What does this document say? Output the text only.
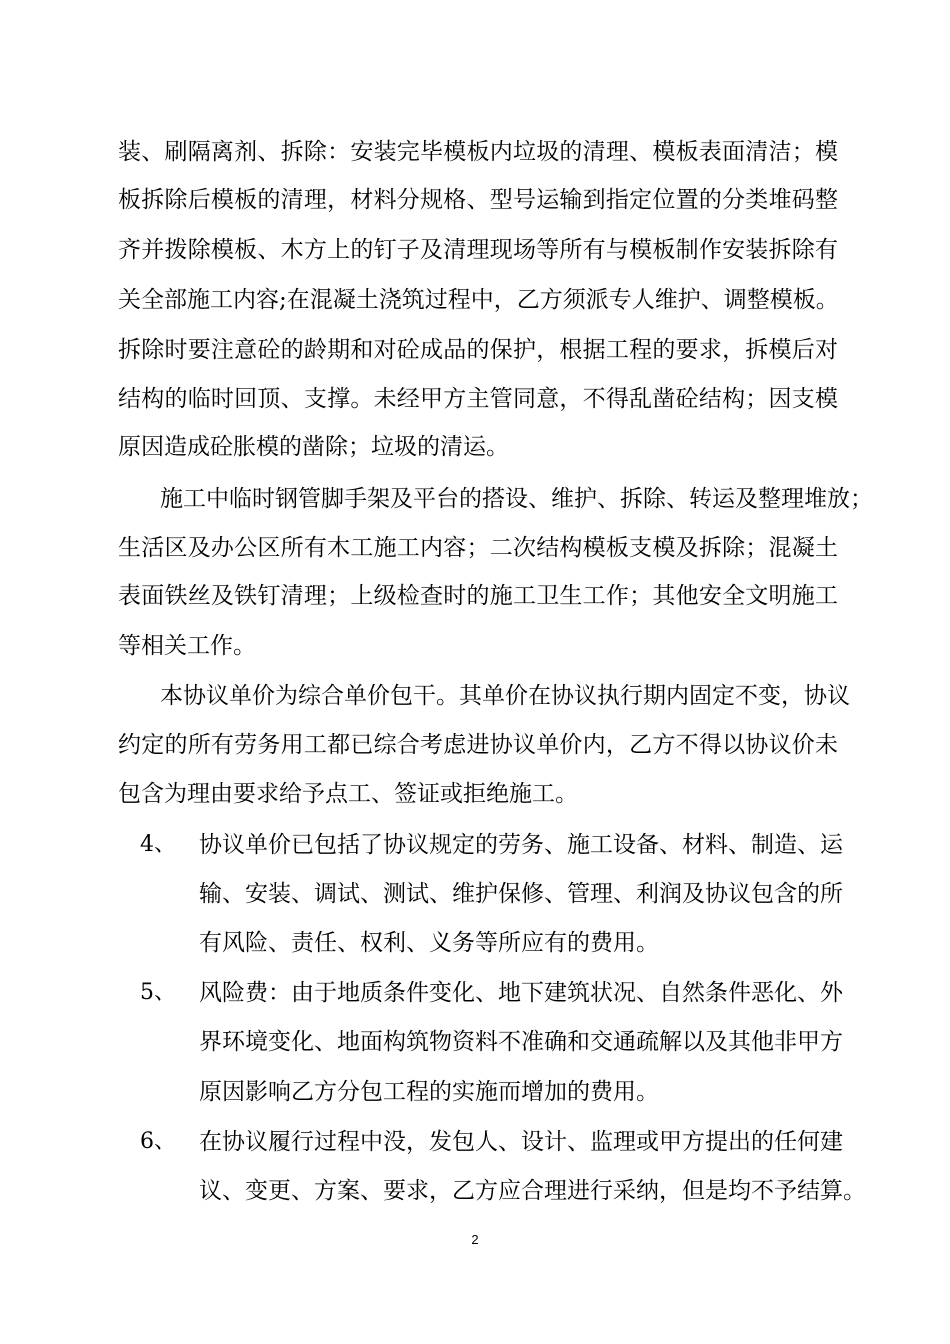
装、刷隔离剂、拆除：安装完毕模板内垃圾的清理、模板表面清洁；模
板拆除后模板的清理，材料分规格、型号运输到指定位置的分类堆码整
齐并拨除模板、木方上的钉子及清理现场等所有与模板制作安装拆除有
关全部施工内容;在混凝土浇筑过程中，乙方须派专人维护、调整模板。
拆除时要注意砼的龄期和对砼成品的保护，根据工程的要求，拆模后对
结构的临时回顶、支撑。未经甲方主管同意，不得乱凿砼结构；因支模
原因造成砼胀模的凿除；垃圾的清运。
施工中临时钢管脚手架及平台的搭设、维护、拆除、转运及整理堆放；
生活区及办公区所有木工施工内容；二次结构模板支模及拆除；混凝土
表面铁丝及铁钉清理；上级检查时的施工卫生工作；其他安全文明施工
等相关工作。
本协议单价为综合单价包干。其单价在协议执行期内固定不变，协议
约定的所有劳务用工都已综合考虑进协议单价内，乙方不得以协议价未
包含为理由要求给予点工、签证或拒绝施工。
4、 协议单价已包括了协议规定的劳务、施工设备、材料、制造、运
输、安装、调试、测试、维护保修、管理、利润及协议包含的所
有风险、责任、权利、义务等所应有的费用。
5、 风险费：由于地质条件变化、地下建筑状况、自然条件恶化、外
界环境变化、地面构筑物资料不准确和交通疏解以及其他非甲方
原因影响乙方分包工程的实施而增加的费用。
6、 在协议履行过程中没，发包人、设计、监理或甲方提出的任何建
议、变更、方案、要求，乙方应合理进行采纳，但是均不予结算。
2
